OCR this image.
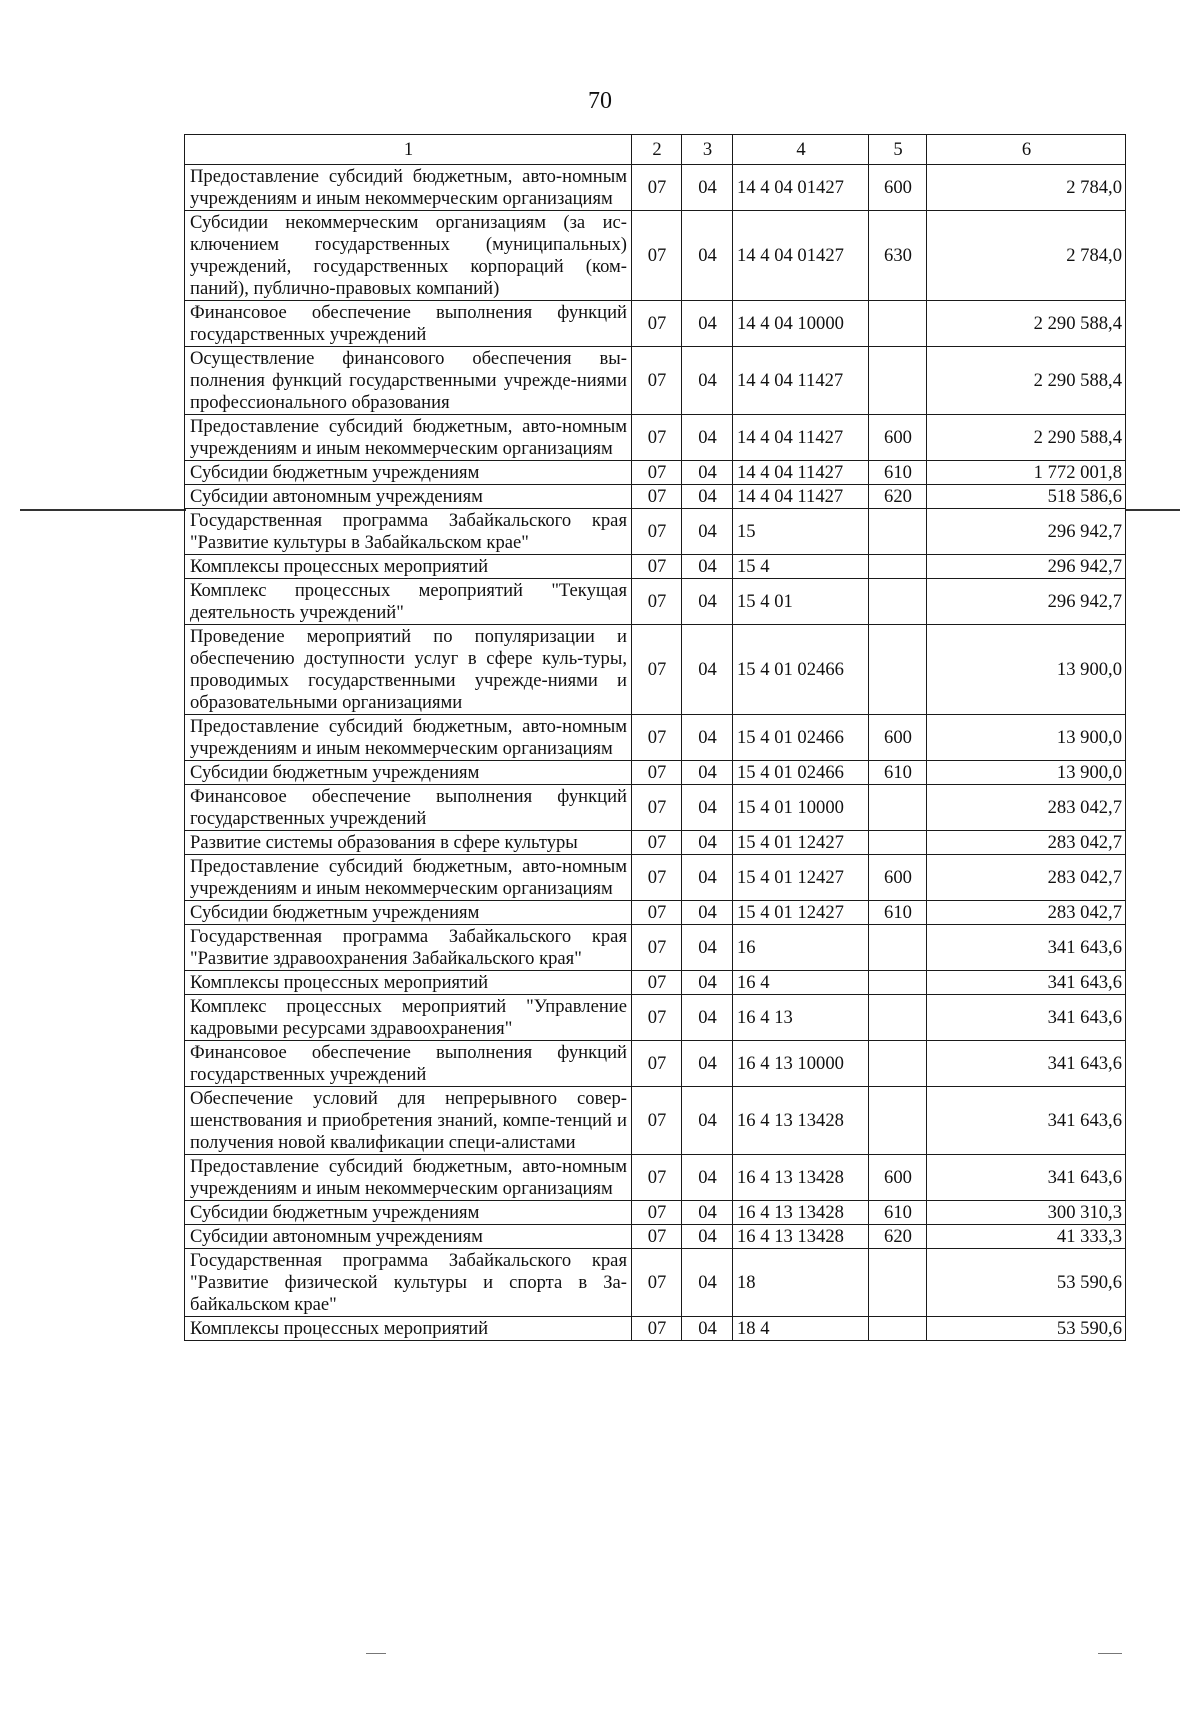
70
1	2	3	4	5	6
Предоставление субсидий бюджетным, авто-номным учреждениям и иным некоммерческим организациям	07	04	14 4 04 01427	600	2 784,0
Субсидии некоммерческим организациям (за ис-ключением государственных (муниципальных) учреждений, государственных корпораций (ком-паний), публично-правовых компаний)	07	04	14 4 04 01427	630	2 784,0
Финансовое обеспечение выполнения функций государственных учреждений	07	04	14 4 04 10000		2 290 588,4
Осуществление финансового обеспечения вы-полнения функций государственными учрежде-ниями профессионального образования	07	04	14 4 04 11427		2 290 588,4
Предоставление субсидий бюджетным, авто-номным учреждениям и иным некоммерческим организациям	07	04	14 4 04 11427	600	2 290 588,4
Субсидии бюджетным учреждениям	07	04	14 4 04 11427	610	1 772 001,8
Субсидии автономным учреждениям	07	04	14 4 04 11427	620	518 586,6
Государственная программа Забайкальского края "Развитие культуры в Забайкальском крае"	07	04	15		296 942,7
Комплексы процессных мероприятий	07	04	15 4		296 942,7
Комплекс процессных мероприятий "Текущая деятельность учреждений"	07	04	15 4 01		296 942,7
Проведение мероприятий по популяризации и обеспечению доступности услуг в сфере куль-туры, проводимых государственными учрежде-ниями и образовательными организациями	07	04	15 4 01 02466		13 900,0
Предоставление субсидий бюджетным, авто-номным учреждениям и иным некоммерческим организациям	07	04	15 4 01 02466	600	13 900,0
Субсидии бюджетным учреждениям	07	04	15 4 01 02466	610	13 900,0
Финансовое обеспечение выполнения функций государственных учреждений	07	04	15 4 01 10000		283 042,7
Развитие системы образования в сфере культуры	07	04	15 4 01 12427		283 042,7
Предоставление субсидий бюджетным, авто-номным учреждениям и иным некоммерческим организациям	07	04	15 4 01 12427	600	283 042,7
Субсидии бюджетным учреждениям	07	04	15 4 01 12427	610	283 042,7
Государственная программа Забайкальского края "Развитие здравоохранения Забайкальского края"	07	04	16		341 643,6
Комплексы процессных мероприятий	07	04	16 4		341 643,6
Комплекс процессных мероприятий "Управление кадровыми ресурсами здравоохранения"	07	04	16 4 13		341 643,6
Финансовое обеспечение выполнения функций государственных учреждений	07	04	16 4 13 10000		341 643,6
Обеспечение условий для непрерывного совер-шенствования и приобретения знаний, компе-тенций и получения новой квалификации специ-алистами	07	04	16 4 13 13428		341 643,6
Предоставление субсидий бюджетным, авто-номным учреждениям и иным некоммерческим организациям	07	04	16 4 13 13428	600	341 643,6
Субсидии бюджетным учреждениям	07	04	16 4 13 13428	610	300 310,3
Субсидии автономным учреждениям	07	04	16 4 13 13428	620	41 333,3
Государственная программа Забайкальского края "Развитие физической культуры и спорта в За-байкальском крае"	07	04	18		53 590,6
Комплексы процессных мероприятий	07	04	18 4		53 590,6
